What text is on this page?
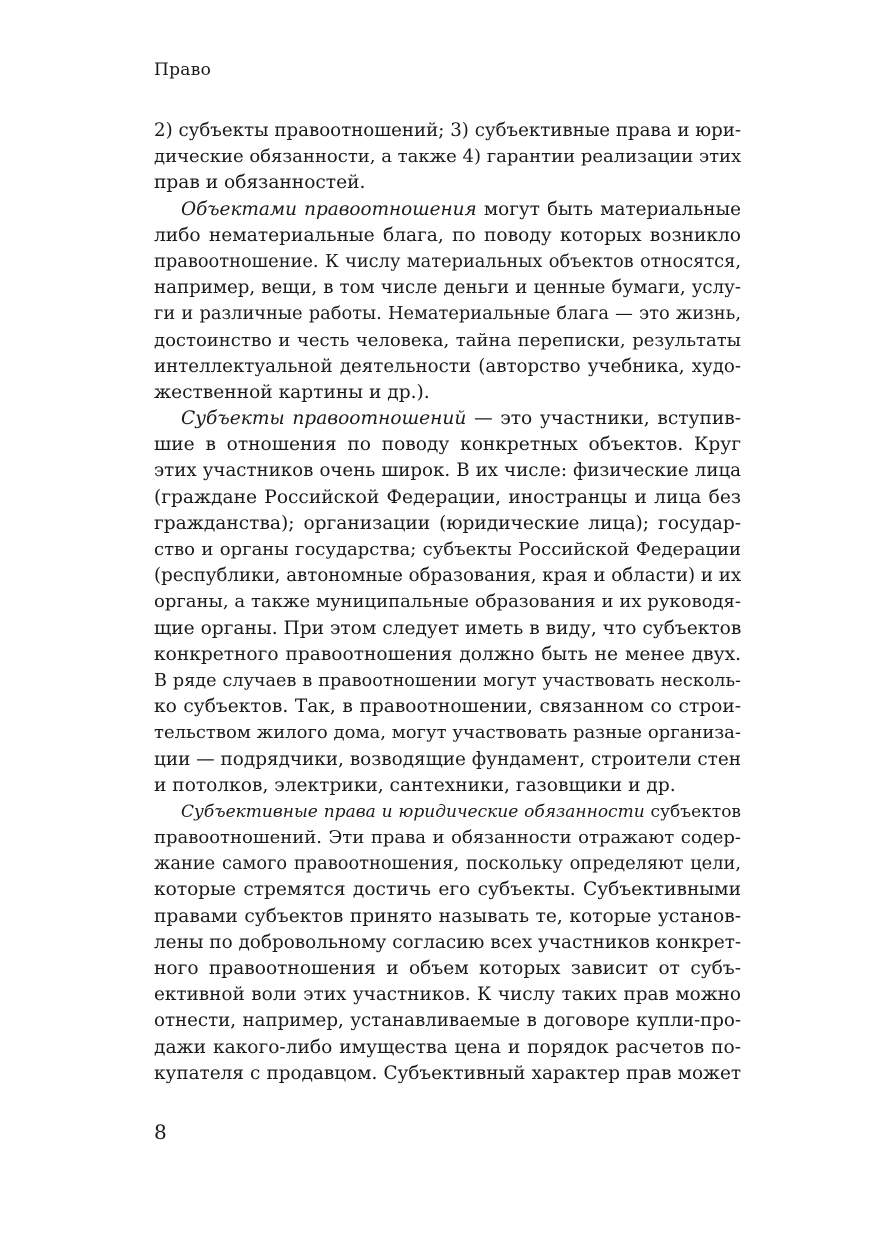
Право
2) субъекты правоотношений; 3) субъективные права и юри-
дические обязанности, а также 4) гарантии реализации этих
прав и обязанностей.
Объектами правоотношения могут быть материальные
либо нематериальные блага, по поводу которых возникло
правоотношение. К числу материальных объектов относятся,
например, вещи, в том числе деньги и ценные бумаги, услу-
ги и различные работы. Нематериальные блага — это жизнь,
достоинство и честь человека, тайна переписки, результаты
интеллектуальной деятельности (авторство учебника, худо-
жественной картины и др.).
Субъекты правоотношений — это участники, вступив-
шие в отношения по поводу конкретных объектов. Круг
этих участников очень широк. В их числе: физические лица
(граждане Российской Федерации, иностранцы и лица без
гражданства); организации (юридические лица); государ-
ство и органы государства; субъекты Российской Федерации
(республики, автономные образования, края и области) и их
органы, а также муниципальные образования и их руководя-
щие органы. При этом следует иметь в виду, что субъектов
конкретного правоотношения должно быть не менее двух.
В ряде случаев в правоотношении могут участвовать несколь-
ко субъектов. Так, в правоотношении, связанном со строи-
тельством жилого дома, могут участвовать разные организа-
ции — подрядчики, возводящие фундамент, строители стен
и потолков, электрики, сантехники, газовщики и др.
Субъективные права и юридические обязанности субъектов
правоотношений. Эти права и обязанности отражают содер-
жание самого правоотношения, поскольку определяют цели,
которые стремятся достичь его субъекты. Субъективными
правами субъектов принято называть те, которые установ-
лены по добровольному согласию всех участников конкрет-
ного правоотношения и объем которых зависит от субъ-
ективной воли этих участников. К числу таких прав можно
отнести, например, устанавливаемые в договоре купли-про-
дажи какого-либо имущества цена и порядок расчетов по-
купателя с продавцом. Субъективный характер прав может
8
